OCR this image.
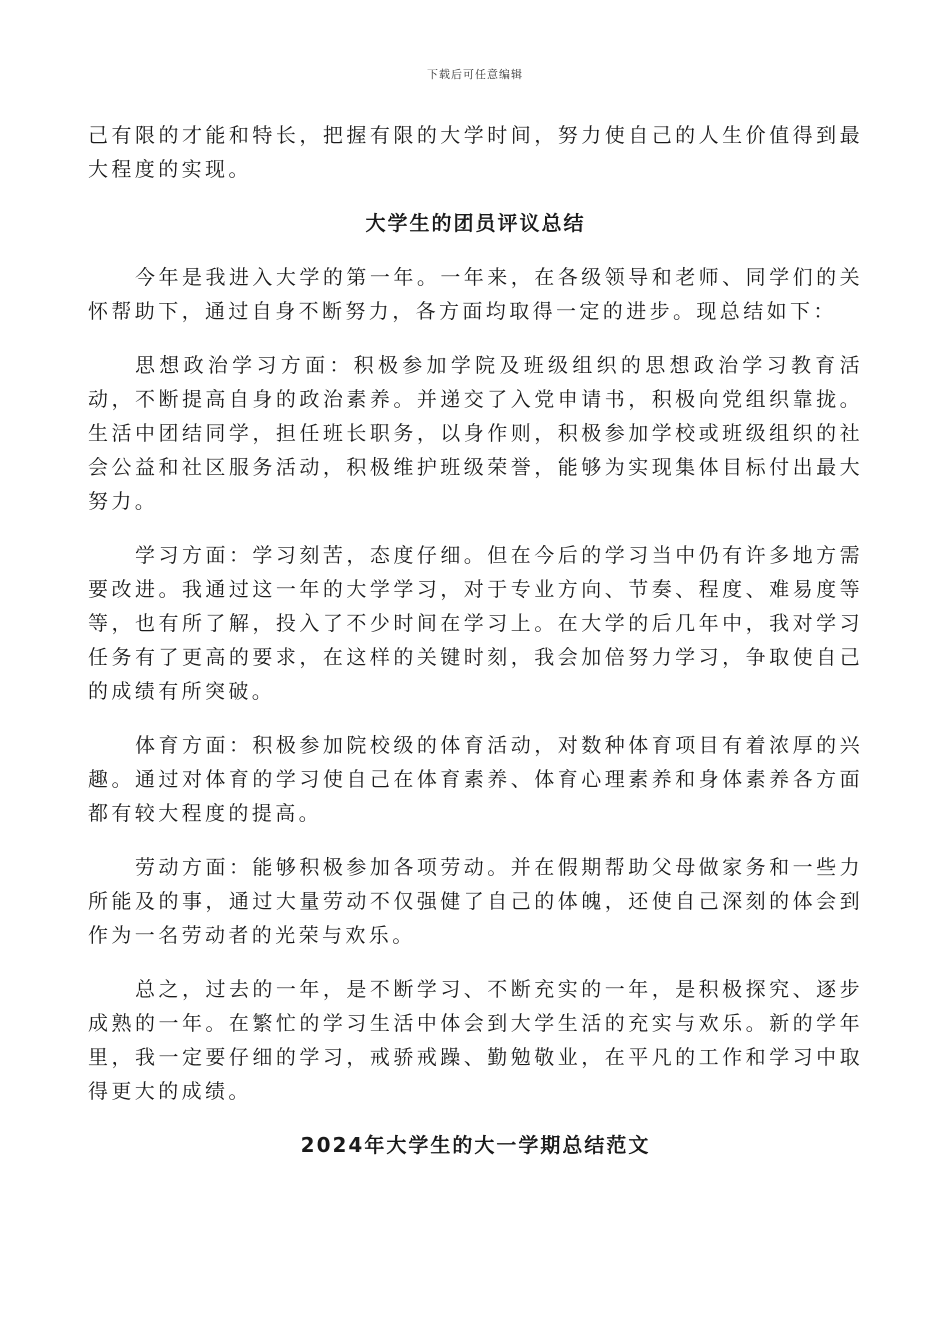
下载后可任意编辑

己有限的才能和特长，把握有限的大学时间，努力使自己的人生价值得到最大程度的实现。

大学生的团员评议总结

今年是我进入大学的第一年。一年来，在各级领导和老师、同学们的关怀帮助下，通过自身不断努力，各方面均取得一定的进步。现总结如下：

思想政治学习方面：积极参加学院及班级组织的思想政治学习教育活动，不断提高自身的政治素养。并递交了入党申请书，积极向党组织靠拢。生活中团结同学，担任班长职务，以身作则，积极参加学校或班级组织的社会公益和社区服务活动，积极维护班级荣誉，能够为实现集体目标付出最大努力。

学习方面：学习刻苦，态度仔细。但在今后的学习当中仍有许多地方需要改进。我通过这一年的大学学习，对于专业方向、节奏、程度、难易度等等，也有所了解，投入了不少时间在学习上。在大学的后几年中，我对学习任务有了更高的要求，在这样的关键时刻，我会加倍努力学习，争取使自己的成绩有所突破。

体育方面：积极参加院校级的体育活动，对数种体育项目有着浓厚的兴趣。通过对体育的学习使自己在体育素养、体育心理素养和身体素养各方面都有较大程度的提高。

劳动方面：能够积极参加各项劳动。并在假期帮助父母做家务和一些力所能及的事，通过大量劳动不仅强健了自己的体魄，还使自己深刻的体会到作为一名劳动者的光荣与欢乐。

总之，过去的一年，是不断学习、不断充实的一年，是积极探究、逐步成熟的一年。在繁忙的学习生活中体会到大学生活的充实与欢乐。新的学年里，我一定要仔细的学习，戒骄戒躁、勤勉敬业，在平凡的工作和学习中取得更大的成绩。

2024年大学生的大一学期总结范文
